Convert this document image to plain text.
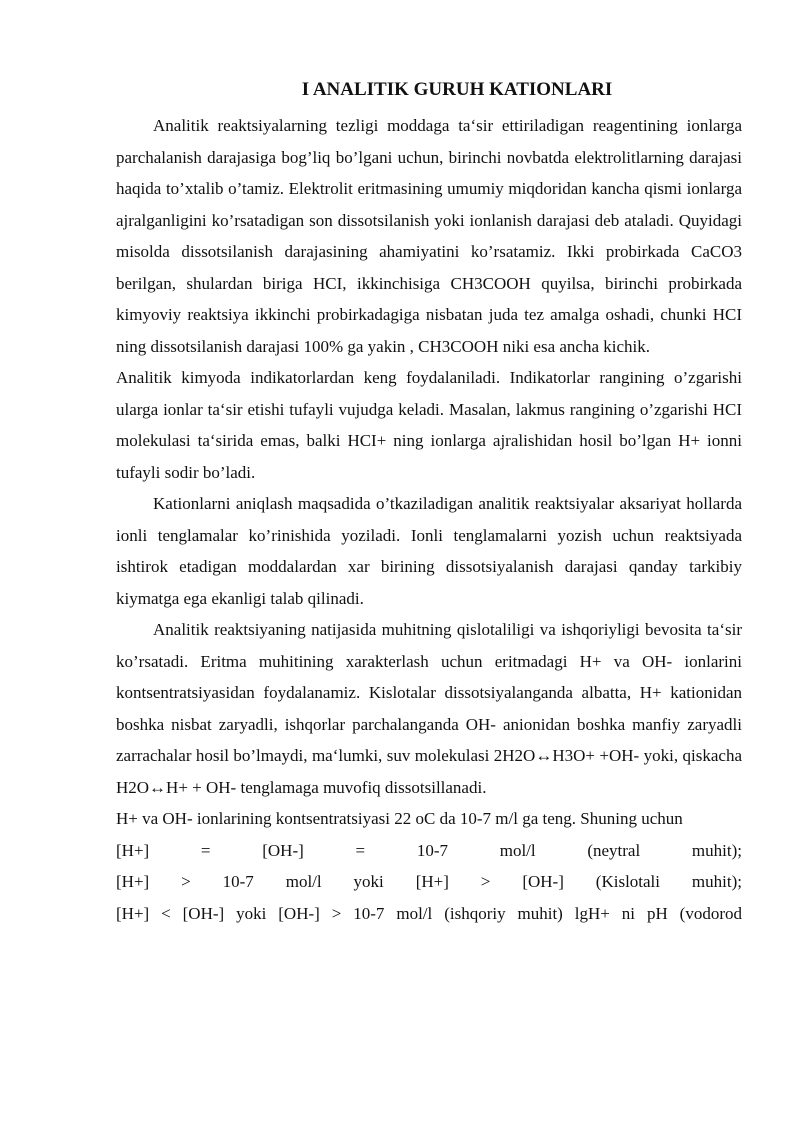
I ANALITIK GURUH KATIONLARI

Analitik reaktsiyalarning tezligi moddaga ta‘sir ettiriladigan reagentining ionlarga parchalanish darajasiga bog’liq bo’lgani uchun, birinchi novbatda elektrolitlarning darajasi haqida to’xtalib o’tamiz. Elektrolit eritmasining umumiy miqdoridan kancha qismi ionlarga ajralganligini ko’rsatadigan son dissotsilanish yoki ionlanish darajasi deb ataladi. Quyidagi misolda dissotsilanish darajasining ahamiyatini ko’rsatamiz. Ikki probirkada CaCO3 berilgan, shulardan biriga HCI, ikkinchisiga CH3COOH quyilsa, birinchi probirkada kimyoviy reaktsiya ikkinchi probirkadagiga nisbatan juda tez amalga oshadi, chunki HCI ning dissotsilanish darajasi 100% ga yakin , CH3COOH niki esa ancha kichik.

Analitik kimyoda indikatorlardan keng foydalaniladi. Indikatorlar rangining o’zgarishi ularga ionlar ta‘sir etishi tufayli vujudga keladi. Masalan, lakmus rangining o’zgarishi HCI molekulasi ta‘sirida emas, balki HCI+ ning ionlarga ajralishidan hosil bo’lgan H+ ionni tufayli sodir bo’ladi.

Kationlarni aniqlash maqsadida o’tkaziladigan analitik reaktsiyalar aksariyat hollarda ionli tenglamalar ko’rinishida yoziladi. Ionli tenglamalarni yozish uchun reaktsiyada ishtirok etadigan moddalardan xar birining dissotsiyalanish darajasi qanday tarkibiy kiymatga ega ekanligi talab qilinadi.

Analitik reaktsiyaning natijasida muhitning qislotaliligi va ishqoriyligi bevosita ta‘sir ko’rsatadi. Eritma muhitining xarakterlash uchun eritmadagi H+ va OH- ionlarini kontsentratsiyasidan foydalanamiz. Kislotalar dissotsiyalanganda albatta, H+ kationidan boshka nisbat zaryadli, ishqorlar parchalanganda OH- anionidan boshka manfiy zaryadli zarrachalar hosil bo’lmaydi, ma‘lumki, suv molekulasi 2H2O↔H3O+ +OH- yoki, qiskacha H2O↔H+ + OH- tenglamaga muvofiq dissotsillanadi.

H+ va OH- ionlarining kontsentratsiyasi 22 oC da 10-7 m/l ga teng. Shuning uchun
[H+] = [OH-] = 10-7 mol/l (neytral muhit);
[H+] > 10-7 mol/l yoki [H+] > [OH-] (Kislotali muhit);
[H+] < [OH-] yoki [OH-] > 10-7 mol/l (ishqoriy muhit) lgH+ ni pH (vodorod
